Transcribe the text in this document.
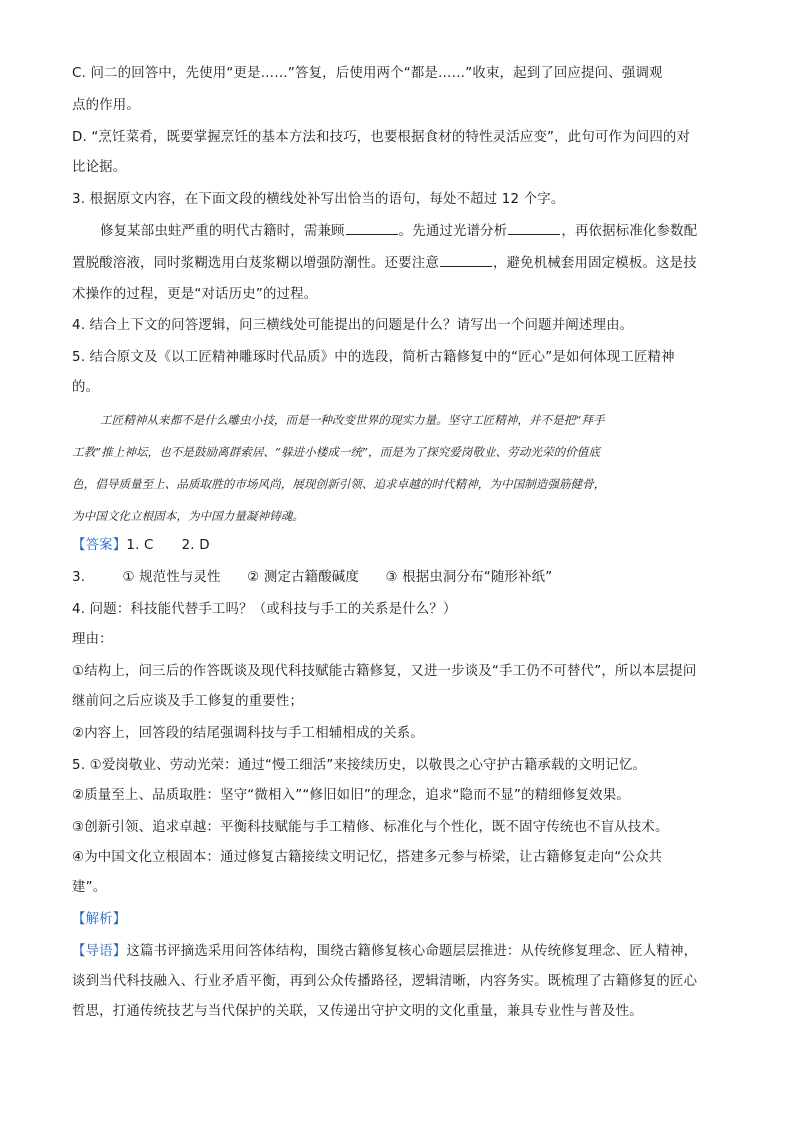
C. 问二的回答中，先使用“更是……”答复，后使用两个“都是……”收束，起到了回应提问、强调观
点的作用。
D. “烹饪菜肴，既要掌握烹饪的基本方法和技巧，也要根据食材的特性灵活应变”，此句可作为问四的对
比论据。
3. 根据原文内容，在下面文段的横线处补写出恰当的语句，每处不超过 12 个字。
修复某部虫蛀严重的明代古籍时，需兼顾	。先通过光谱分析	，再依据标准化参数配
置脱酸溶液，同时浆糊选用白芨浆糊以增强防潮性。还要注意	，避免机械套用固定模板。这是技
术操作的过程，更是“对话历史”的过程。
4. 结合上下文的问答逻辑，问三横线处可能提出的问题是什么？请写出一个问题并阐述理由。
5. 结合原文及《以工匠精神雕琢时代品质》中的选段，简析古籍修复中的“匠心”是如何体现工匠精神
的。
工匠精神从来都不是什么雕虫小技，而是一种改变世界的现实力量。坚守工匠精神，并不是把“拜手
工教”推上神坛，也不是鼓励离群索居、“躲进小楼成一统”，而是为了探究爱岗敬业、劳动光荣的价值底
色，倡导质量至上、品质取胜的市场风尚，展现创新引领、追求卓越的时代精神，为中国制造强筋健骨，
为中国文化立根固本，为中国力量凝神铸魂。
【答案】1. C 2. D
3.	① 规范性与灵性 ② 测定古籍酸碱度 ③ 根据虫洞分布“随形补纸”
4. 问题：科技能代替手工吗？（或科技与手工的关系是什么？）
理由：
①结构上，问三后的作答既谈及现代科技赋能古籍修复，又进一步谈及“手工仍不可替代”，所以本层提问
继前问之后应谈及手工修复的重要性；
②内容上，回答段的结尾强调科技与手工相辅相成的关系。
5. ①爱岗敬业、劳动光荣：通过“慢工细活”来接续历史，以敬畏之心守护古籍承载的文明记忆。
②质量至上、品质取胜：坚守“微相入”“修旧如旧”的理念，追求“隐而不显”的精细修复效果。
③创新引领、追求卓越：平衡科技赋能与手工精修、标准化与个性化，既不固守传统也不盲从技术。
④为中国文化立根固本：通过修复古籍接续文明记忆，搭建多元参与桥梁，让古籍修复走向“公众共
建”。
【解析】
【导语】这篇书评摘选采用问答体结构，围绕古籍修复核心命题层层推进：从传统修复理念、匠人精神，
谈到当代科技融入、行业矛盾平衡，再到公众传播路径，逻辑清晰，内容务实。既梳理了古籍修复的匠心
哲思，打通传统技艺与当代保护的关联，又传递出守护文明的文化重量，兼具专业性与普及性。
